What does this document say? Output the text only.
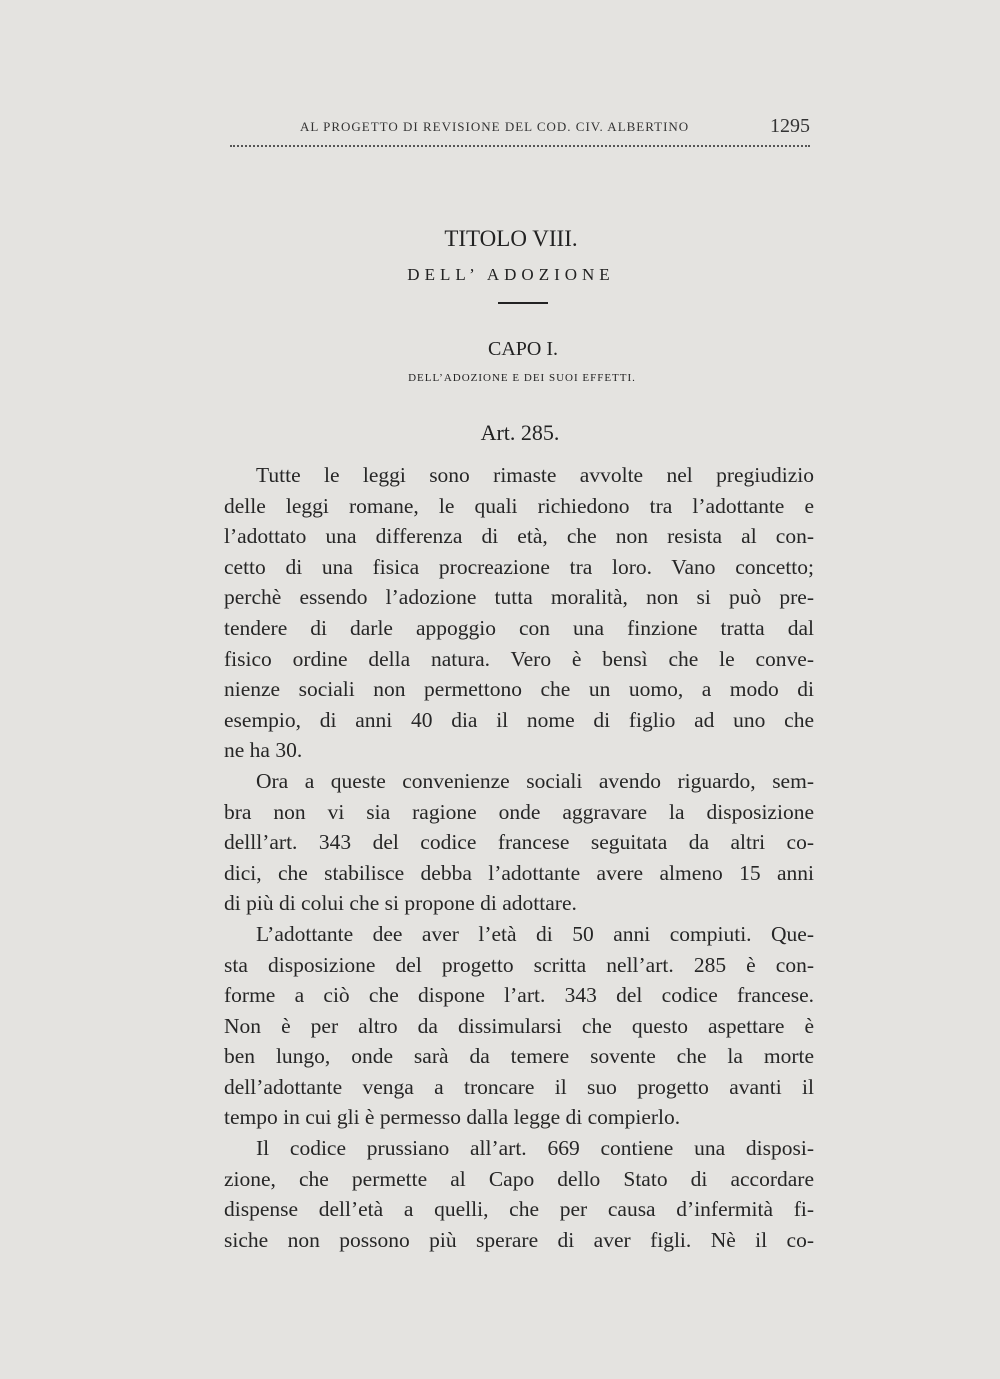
AL PROGETTO DI REVISIONE DEL COD. CIV. ALBERTINO	1295
TITOLO VIII.
DELL’ ADOZIONE
CAPO I.
DELL’ADOZIONE E DEI SUOI EFFETTI.
Art. 285.
Tutte le leggi sono rimaste avvolte nel pregiudizio
delle leggi romane, le quali richiedono tra l’adottante e
l’adottato una differenza di età, che non resista al con-
cetto di una fisica procreazione tra loro. Vano concetto;
perchè essendo l’adozione tutta moralità, non si può pre-
tendere di darle appoggio con una finzione tratta dal
fisico ordine della natura. Vero è bensì che le conve-
nienze sociali non permettono che un uomo, a modo di
esempio, di anni 40 dia il nome di figlio ad uno che
ne ha 30.
Ora a queste convenienze sociali avendo riguardo, sem-
bra non vi sia ragione onde aggravare la disposizione
delll’art. 343 del codice francese seguitata da altri co-
dici, che stabilisce debba l’adottante avere almeno 15 anni
di più di colui che si propone di adottare.
L’adottante dee aver l’età di 50 anni compiuti. Que-
sta disposizione del progetto scritta nell’art. 285 è con-
forme a ciò che dispone l’art. 343 del codice francese.
Non è per altro da dissimularsi che questo aspettare è
ben lungo, onde sarà da temere sovente che la morte
dell’adottante venga a troncare il suo progetto avanti il
tempo in cui gli è permesso dalla legge di compierlo.
Il codice prussiano all’art. 669 contiene una disposi-
zione, che permette al Capo dello Stato di accordare
dispense dell’età a quelli, che per causa d’infermità fi-
siche non possono più sperare di aver figli. Nè il co-
